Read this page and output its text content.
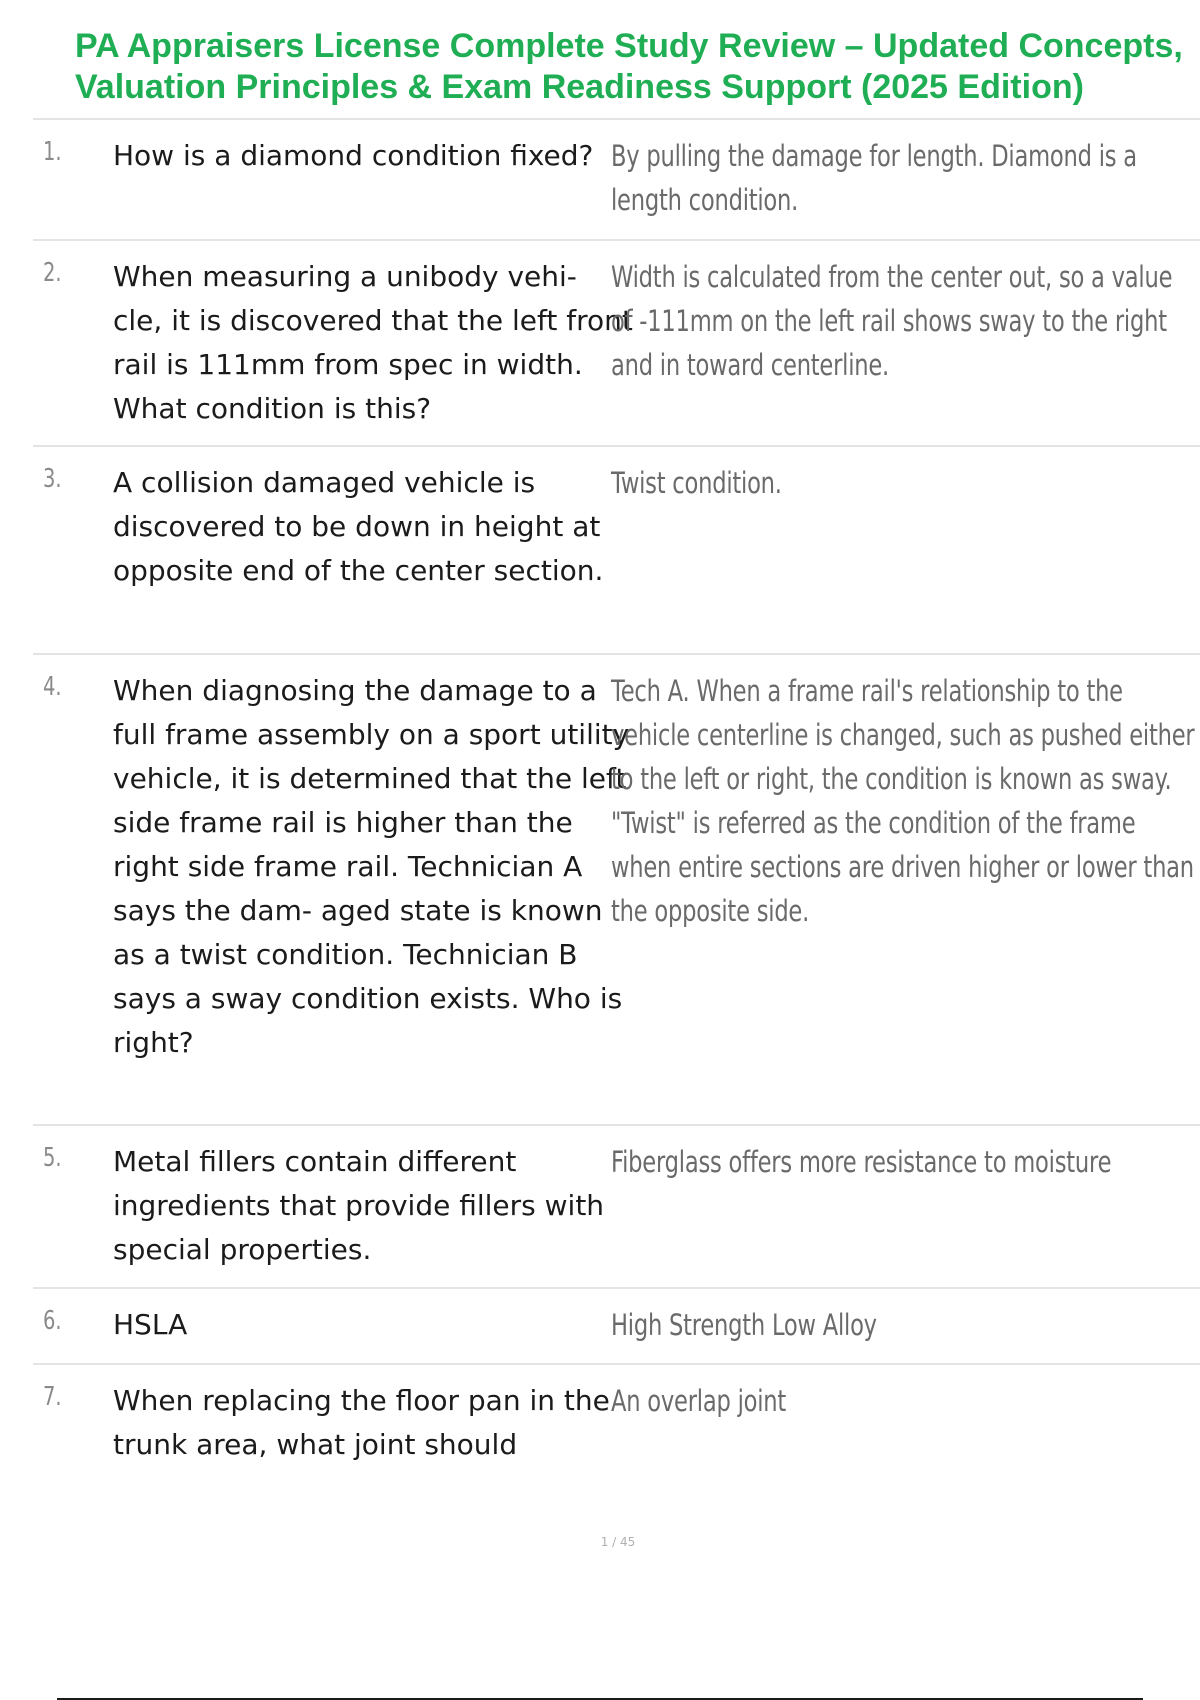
PA Appraisers License Complete Study Review – Updated Concepts, Valuation Principles & Exam Readiness Support (2025 Edition)
1. How is a diamond condition fixed? By pulling the damage for length. Diamond is a length condition.
2. When measuring a unibody vehi- cle, it is discovered that the left front rail is 111mm from spec in width. What condition is this?
Width is calculated from the center out, so a value of -111mm on the left rail shows sway to the right and in toward centerline.
3. A collision damaged vehicle is discovered to be down in height at opposite end of the center section.
Twist condition.
4. When diagnosing the damage to a full frame assembly on a sport utility vehicle, it is determined that the left side frame rail is higher than the right side frame rail. Technician A says the dam- aged state is known as a twist condition. Technician B says a sway condition exists. Who is right?
Tech A. When a frame rail's relationship to the vehicle centerline is changed, such as pushed either to the left or right, the condition is known as sway. "Twist" is referred as the condition of the frame when entire sections are driven higher or lower than the opposite side.
5. Metal fillers contain different ingredients that provide fillers with special properties.
Fiberglass offers more resistance to moisture
6. HSLA	High Strength Low Alloy
7. When replacing the floor pan in the trunk area, what joint should
An overlap joint
1 / 45
